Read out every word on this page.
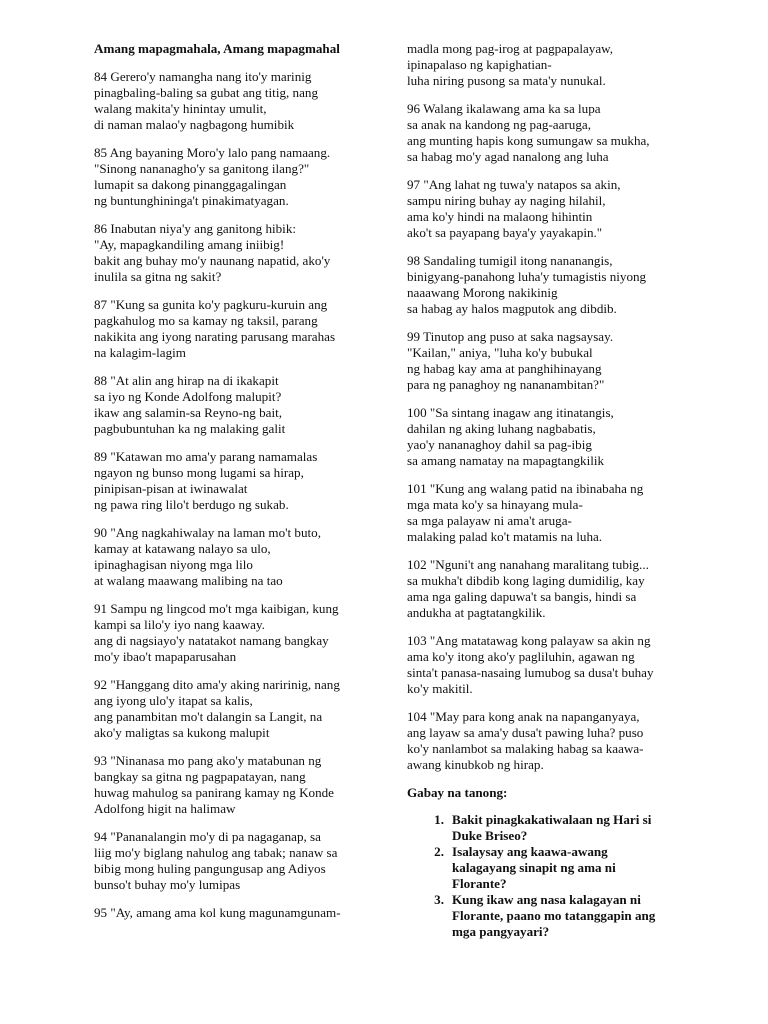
Amang mapagmahala, Amang mapagmahal
84 Gerero'y namangha nang ito'y marinig
pinagbaling-baling sa gubat ang titig, nang
walang makita'y hinintay umulit,
di naman malao'y nagbagong humibik
85 Ang bayaning Moro'y lalo pang namaang.
"Sinong nananagho'y sa ganitong ilang?"
lumapit sa dakong pinanggagalingan
ng buntunghininga't pinakimatyagan.
86 Inabutan niya'y ang ganitong hibik:
"Ay, mapagkandiling amang iniibig!
bakit ang buhay mo'y naunang napatid, ako'y
inulila sa gitna ng sakit?
87 "Kung sa gunita ko'y pagkuru-kuruin ang
pagkahulog mo sa kamay ng taksil, parang
nakikita ang iyong narating parusang marahas
na kalagim-lagim
88 "At alin ang hirap na di ikakapit
sa iyo ng Konde Adolfong malupit?
ikaw ang salamin-sa Reyno-ng bait,
pagbubuntuhan ka ng malaking galit
89 "Katawan mo ama'y parang namamalas
ngayon ng bunso mong lugami sa hirap,
pinipisan-pisan at iwinawalat
ng pawa ring lilo't berdugo ng sukab.
90 "Ang nagkahiwalay na laman mo't buto,
kamay at katawang nalayo sa ulo,
ipinaghagisan niyong mga lilo
at walang maawang malibing na tao
91 Sampu ng lingcod mo't mga kaibigan, kung
kampi sa lilo'y iyo nang kaaway.
ang di nagsiayo'y natatakot namang bangkay
mo'y ibao't mapaparusahan
92 "Hanggang dito ama'y aking naririnig, nang
ang iyong ulo'y itapat sa kalis,
ang panambitan mo't dalangin sa Langit, na
ako'y maligtas sa kukong malupit
93 "Ninanasa mo pang ako'y matabunan ng
bangkay sa gitna ng pagpapatayan, nang
huwag mahulog sa panirang kamay ng Konde
Adolfong higit na halimaw
94 "Pananalangin mo'y di pa nagaganap, sa
liig mo'y biglang nahulog ang tabak; nanaw sa
bibig mong huling pangungusap ang Adiyos
bunso't buhay mo'y lumipas
95 "Ay, amang ama kol kung magunamgunam-
madla mong pag-irog at pagpapalayaw,
ipinapalaso ng kapighatian-
luha niring pusong sa mata'y nunukal.
96 Walang ikalawang ama ka sa lupa
sa anak na kandong ng pag-aaruga,
ang munting hapis kong sumungaw sa mukha,
sa habag mo'y agad nanalong ang luha
97 "Ang lahat ng tuwa'y natapos sa akin,
sampu niring buhay ay naging hilahil,
ama ko'y hindi na malaong hihintin
ako't sa payapang baya'y yayakapin."
98 Sandaling tumigil itong nananangis,
binigyang-panahong luha'y tumagistis niyong
naaawang Morong nakikinig
sa habag ay halos magputok ang dibdib.
99 Tinutop ang puso at saka nagsaysay.
"Kailan," aniya, "luha ko'y bubukal
ng habag kay ama at panghihinayang
para ng panaghoy ng nananambitan?"
100 "Sa sintang inagaw ang itinatangis,
dahilan ng aking luhang nagbabatis,
yao'y nananaghoy dahil sa pag-ibig
sa amang namatay na mapagtangkilik
101 "Kung ang walang patid na ibinabaha ng
mga mata ko'y sa hinayang mula-
sa mga palayaw ni ama't aruga-
malaking palad ko't matamis na luha.
102 "Nguni't ang nanahang maralitang tubig...
sa mukha't dibdib kong laging dumidilig, kay
ama nga galing dapuwa't sa bangis, hindi sa
andukha at pagtatangkilik.
103 "Ang matatawag kong palayaw sa akin ng
ama ko'y itong ako'y pagliluhin, agawan ng
sinta't panasa-nasaing lumubog sa dusa't buhay
ko'y makitil.
104 "May para kong anak na napanganyaya,
ang layaw sa ama'y dusa't pawing luha? puso
ko'y nanlambot sa malaking habag sa kaawa-
awang kinubkob ng hirap.
Gabay na tanong:
1. Bakit pinagkakatiwalaan ng Hari si
Duke Briseo?
2. Isalaysay ang kaawa-awang
kalagayang sinapit ng ama ni
Florante?
3. Kung ikaw ang nasa kalagayan ni
Florante, paano mo tatanggapin ang
mga pangyayari?
